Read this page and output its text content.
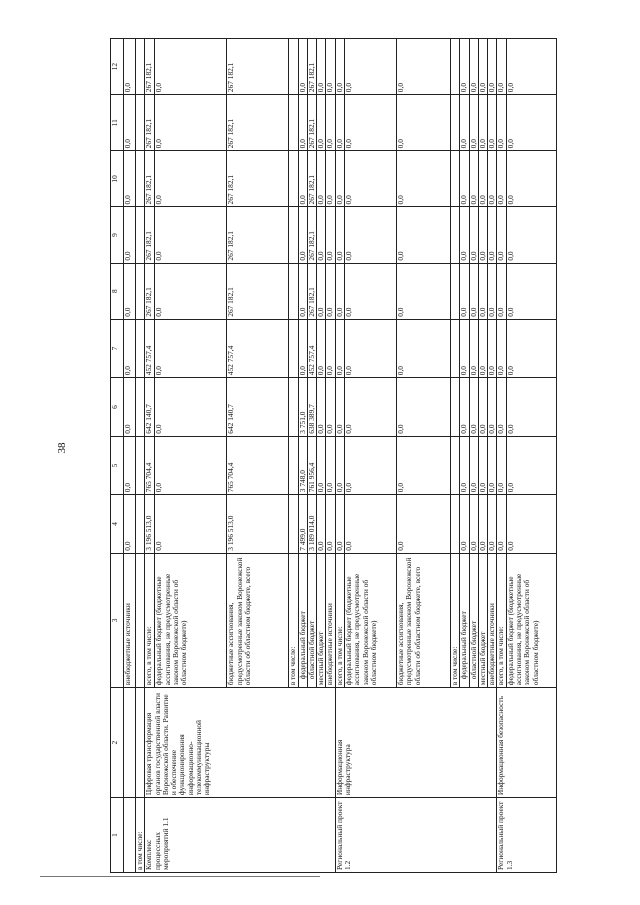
38
1	2	3	4	5	6	7	8	9	10	11	12
		внебюджетные источники	0,0	0,0	0,0	0,0	0,0	0,0	0,0	0,0	0,0
в том числе:											
Комплекс процессных мероприятий 1.1	Цифровая трансформация органов государственной власти Воронежской области. Развитие и обеспечение функционирования информационно-телекоммуникационной инфраструктуры	всего, в том числе:	3 196 513,0	765 704,4	642 140,7	452 757,4	267 182,1	267 182,1	267 182,1	267 182,1	267 182,1
		федеральный бюджет (бюджетные ассигнования, не предусмотренные законом Воронежской области об областном бюджете)	0,0	0,0	0,0	0,0	0,0	0,0	0,0	0,0	0,0
		бюджетные ассигнования, предусмотренные законом Воронежской области об областном бюджете, всего	3 196 513,0	765 704,4	642 140,7	452 757,4	267 182,1	267 182,1	267 182,1	267 182,1	267 182,1
		в том числе:									
		федеральный бюджет	7 499,0	3 748,0	3 751,0	0,0	0,0	0,0	0,0	0,0	0,0
		областной бюджет	3 189 014,0	761 956,4	638 389,7	452 757,4	267 182,1	267 182,1	267 182,1	267 182,1	267 182,1
		местный бюджет	0,0	0,0	0,0	0,0	0,0	0,0	0,0	0,0	0,0
		внебюджетные источники	0,0	0,0	0,0	0,0	0,0	0,0	0,0	0,0	0,0
Региональный проект 1.2	Информационная инфраструктура	всего, в том числе:	0,0	0,0	0,0	0,0	0,0	0,0	0,0	0,0	0,0
		федеральный бюджет (бюджетные ассигнования, не предусмотренные законом Воронежской области об областном бюджете)	0,0	0,0	0,0	0,0	0,0	0,0	0,0	0,0	0,0
		бюджетные ассигнования, предусмотренные законом Воронежской области об областном бюджете, всего	0,0	0,0	0,0	0,0	0,0	0,0	0,0	0,0	0,0
		в том числе:									
		федеральный бюджет	0,0	0,0	0,0	0,0	0,0	0,0	0,0	0,0	0,0
		областной бюджет	0,0	0,0	0,0	0,0	0,0	0,0	0,0	0,0	0,0
		местный бюджет	0,0	0,0	0,0	0,0	0,0	0,0	0,0	0,0	0,0
		внебюджетные источники	0,0	0,0	0,0	0,0	0,0	0,0	0,0	0,0	0,0
Региональный проект 1.3	Информационная безопасность	всего, в том числе:	0,0	0,0	0,0	0,0	0,0	0,0	0,0	0,0	0,0
		федеральный бюджет (бюджетные ассигнования, не предусмотренные законом Воронежской области об областном бюджете)	0,0	0,0	0,0	0,0	0,0	0,0	0,0	0,0	0,0
